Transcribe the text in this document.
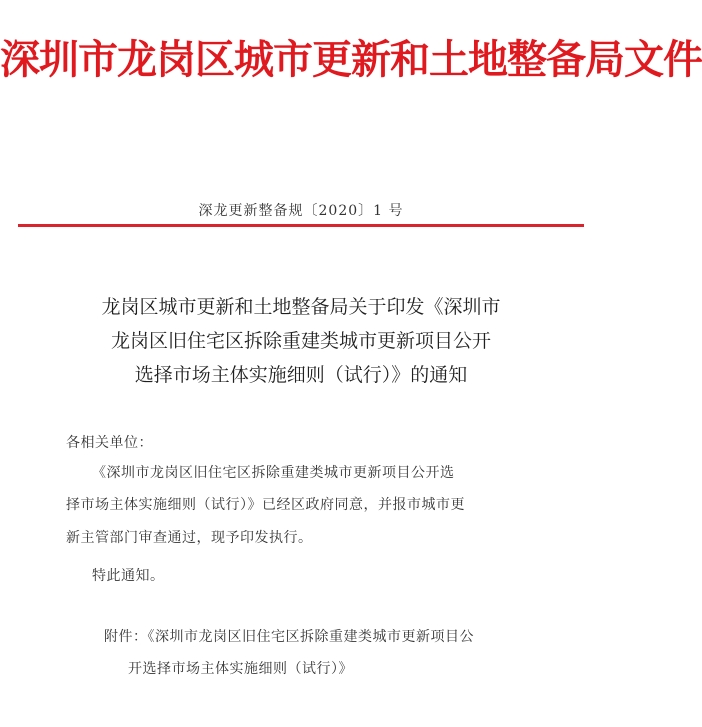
深圳市龙岗区城市更新和土地整备局文件
深龙更新整备规〔2020〕1 号
龙岗区城市更新和土地整备局关于印发《深圳市
龙岗区旧住宅区拆除重建类城市更新项目公开
选择市场主体实施细则（试行）》的通知
各相关单位：
《深圳市龙岗区旧住宅区拆除重建类城市更新项目公开选
择市场主体实施细则（试行）》已经区政府同意，并报市城市更
新主管部门审查通过，现予印发执行。
特此通知。
附件：《深圳市龙岗区旧住宅区拆除重建类城市更新项目公
开选择市场主体实施细则（试行）》
